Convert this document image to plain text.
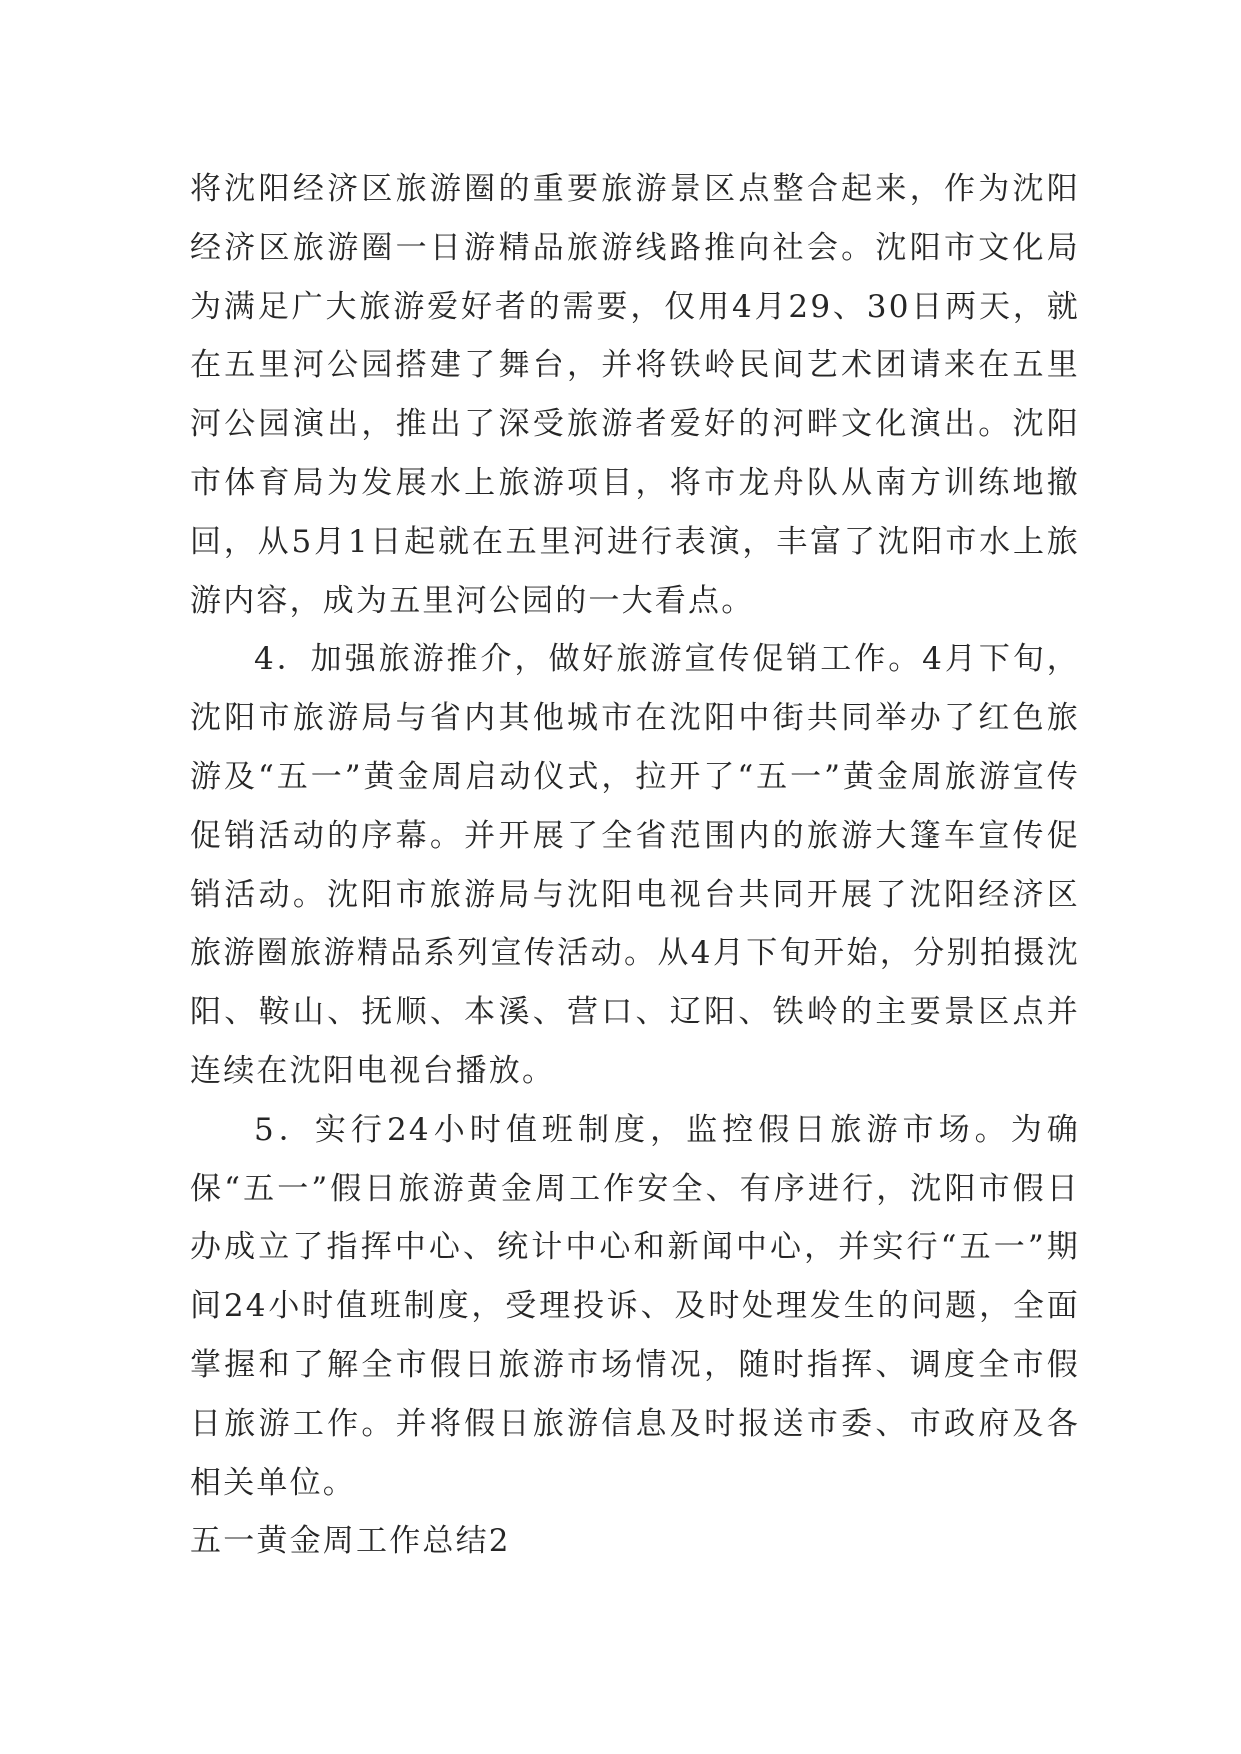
将沈阳经济区旅游圈的重要旅游景区点整合起来，作为沈阳经济区旅游圈一日游精品旅游线路推向社会。沈阳市文化局为满足广大旅游爱好者的需要，仅用4月29、30日两天，就在五里河公园搭建了舞台，并将铁岭民间艺术团请来在五里河公园演出，推出了深受旅游者爱好的河畔文化演出。沈阳市体育局为发展水上旅游项目，将市龙舟队从南方训练地撤回，从5月1日起就在五里河进行表演，丰富了沈阳市水上旅游内容，成为五里河公园的一大看点。

4．加强旅游推介，做好旅游宣传促销工作。4月下旬，沈阳市旅游局与省内其他城市在沈阳中街共同举办了红色旅游及“五一”黄金周启动仪式，拉开了“五一”黄金周旅游宣传促销活动的序幕。并开展了全省范围内的旅游大篷车宣传促销活动。沈阳市旅游局与沈阳电视台共同开展了沈阳经济区旅游圈旅游精品系列宣传活动。从4月下旬开始，分别拍摄沈阳、鞍山、抚顺、本溪、营口、辽阳、铁岭的主要景区点并连续在沈阳电视台播放。

5．实行24小时值班制度，监控假日旅游市场。为确保“五一”假日旅游黄金周工作安全、有序进行，沈阳市假日办成立了指挥中心、统计中心和新闻中心，并实行“五一”期间24小时值班制度，受理投诉、及时处理发生的问题，全面掌握和了解全市假日旅游市场情况，随时指挥、调度全市假日旅游工作。并将假日旅游信息及时报送市委、市政府及各相关单位。

五一黄金周工作总结2
